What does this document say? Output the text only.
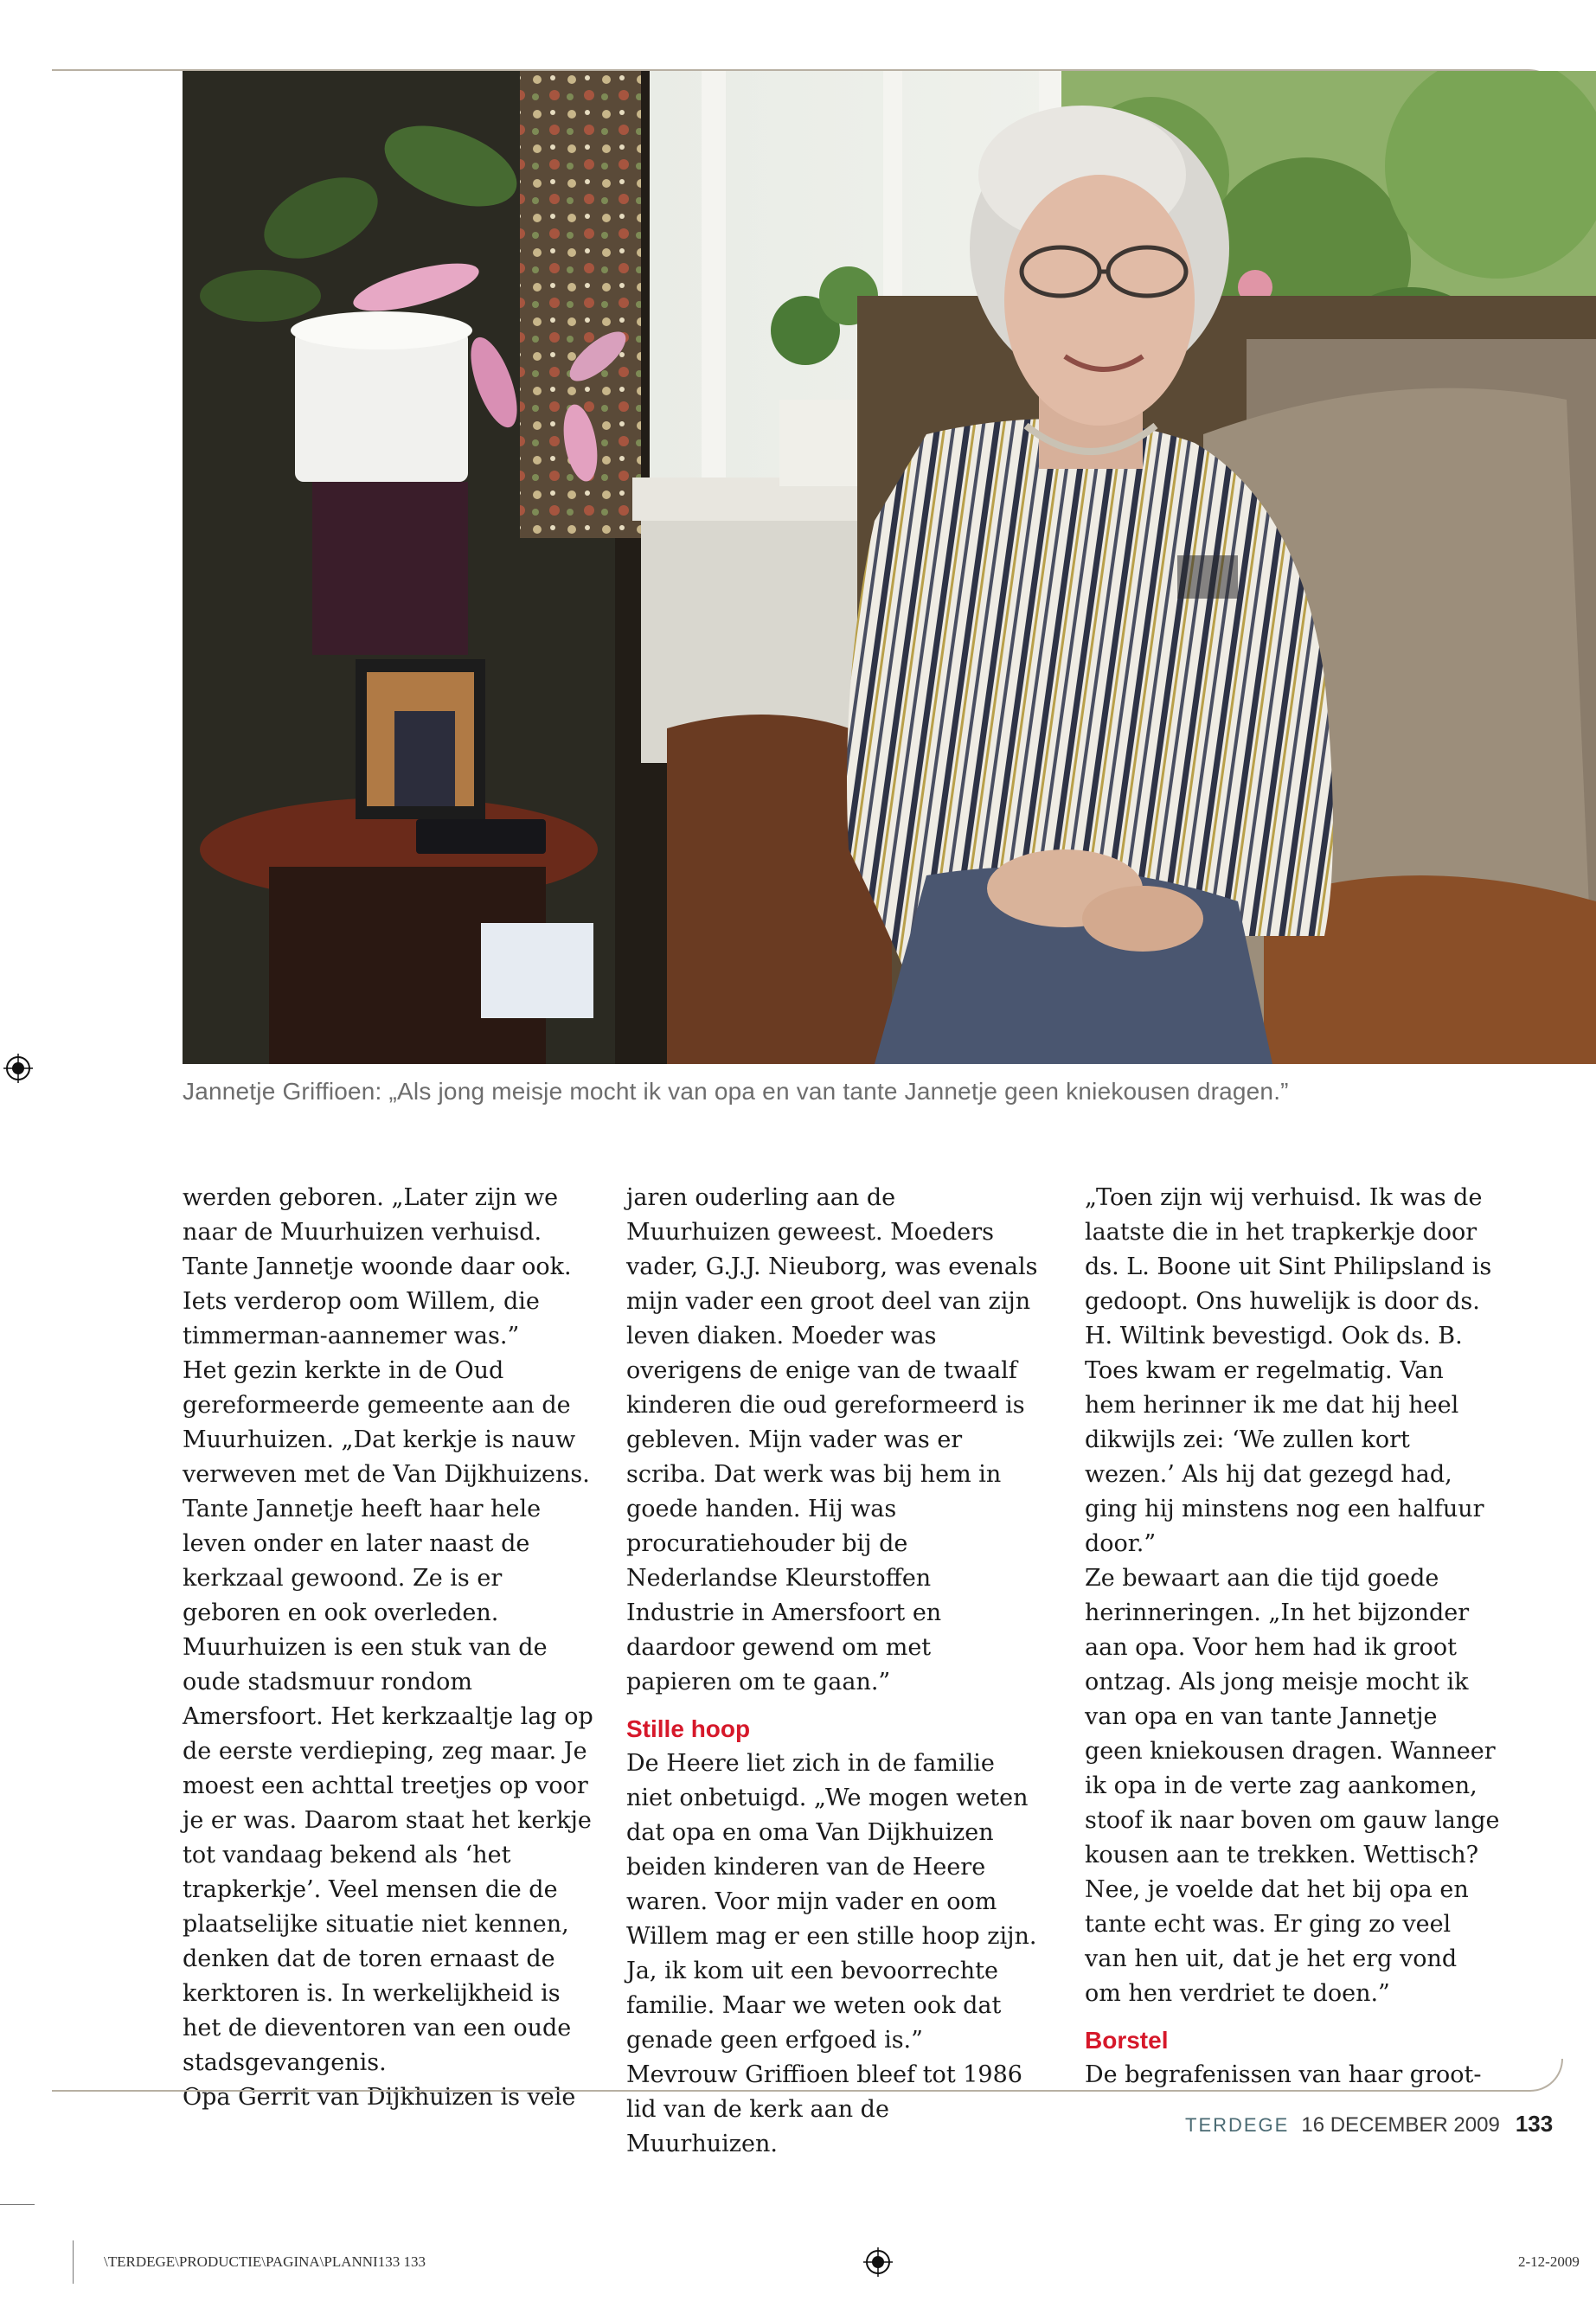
Jannetje Griffioen: „Als jong meisje mocht ik van opa en van tante Jannetje geen kniekousen dragen.”

werden geboren. „Later zijn we naar de Muurhuizen verhuisd. Tante Jannetje woonde daar ook. Iets verderop oom Willem, die timmerman-aannemer was.”

Het gezin kerkte in de Oud gereformeerde gemeente aan de Muurhuizen. „Dat kerkje is nauw verweven met de Van Dijkhuizens. Tante Jannetje heeft haar hele leven onder en later naast de kerkzaal gewoond. Ze is er geboren en ook overleden. Muurhuizen is een stuk van de oude stadsmuur rondom Amersfoort. Het kerkzaaltje lag op de eerste verdieping, zeg maar. Je moest een achttal treetjes op voor je er was. Daarom staat het kerkje tot vandaag bekend als ‘het trapkerkje’. Veel mensen die de plaatselijke situatie niet kennen, denken dat de toren ernaast de kerktoren is. In werkelijkheid is het de dieventoren van een oude stadsgevangenis.

Opa Gerrit van Dijkhuizen is vele

jaren ouderling aan de Muurhuizen geweest. Moeders vader, G.J.J. Nieuborg, was evenals mijn vader een groot deel van zijn leven diaken. Moeder was overigens de enige van de twaalf kinderen die oud gereformeerd is gebleven. Mijn vader was er scriba. Dat werk was bij hem in goede handen. Hij was procuratiehouder bij de Nederlandse Kleurstoffen Industrie in Amersfoort en daardoor gewend om met papieren om te gaan.”

Stille hoop

De Heere liet zich in de familie niet onbetuigd. „We mogen weten dat opa en oma Van Dijkhuizen beiden kinderen van de Heere waren. Voor mijn vader en oom Willem mag er een stille hoop zijn. Ja, ik kom uit een bevoorrechte familie. Maar we weten ook dat genade geen erfgoed is.”

Mevrouw Griffioen bleef tot 1986 lid van de kerk aan de Muurhuizen.

„Toen zijn wij verhuisd. Ik was de laatste die in het trapkerkje door ds. L. Boone uit Sint Philipsland is gedoopt. Ons huwelijk is door ds. H. Wiltink bevestigd. Ook ds. B. Toes kwam er regelmatig. Van hem herinner ik me dat hij heel dikwijls zei: ‘We zullen kort wezen.’ Als hij dat gezegd had, ging hij minstens nog een halfuur door.”

Ze bewaart aan die tijd goede herinneringen. „In het bijzonder aan opa. Voor hem had ik groot ontzag. Als jong meisje mocht ik van opa en van tante Jannetje geen kniekousen dragen. Wanneer ik opa in de verte zag aankomen, stoof ik naar boven om gauw lange kousen aan te trekken. Wettisch? Nee, je voelde dat het bij opa en tante echt was. Er ging zo veel van hen uit, dat je het erg vond om hen verdriet te doen.”

Borstel

De begrafenissen van haar groot-

TERDEGE 16 DECEMBER 2009 133
\TERDEGE\PRODUCTIE\PAGINA\PLANNI133 133	2-12-2009
